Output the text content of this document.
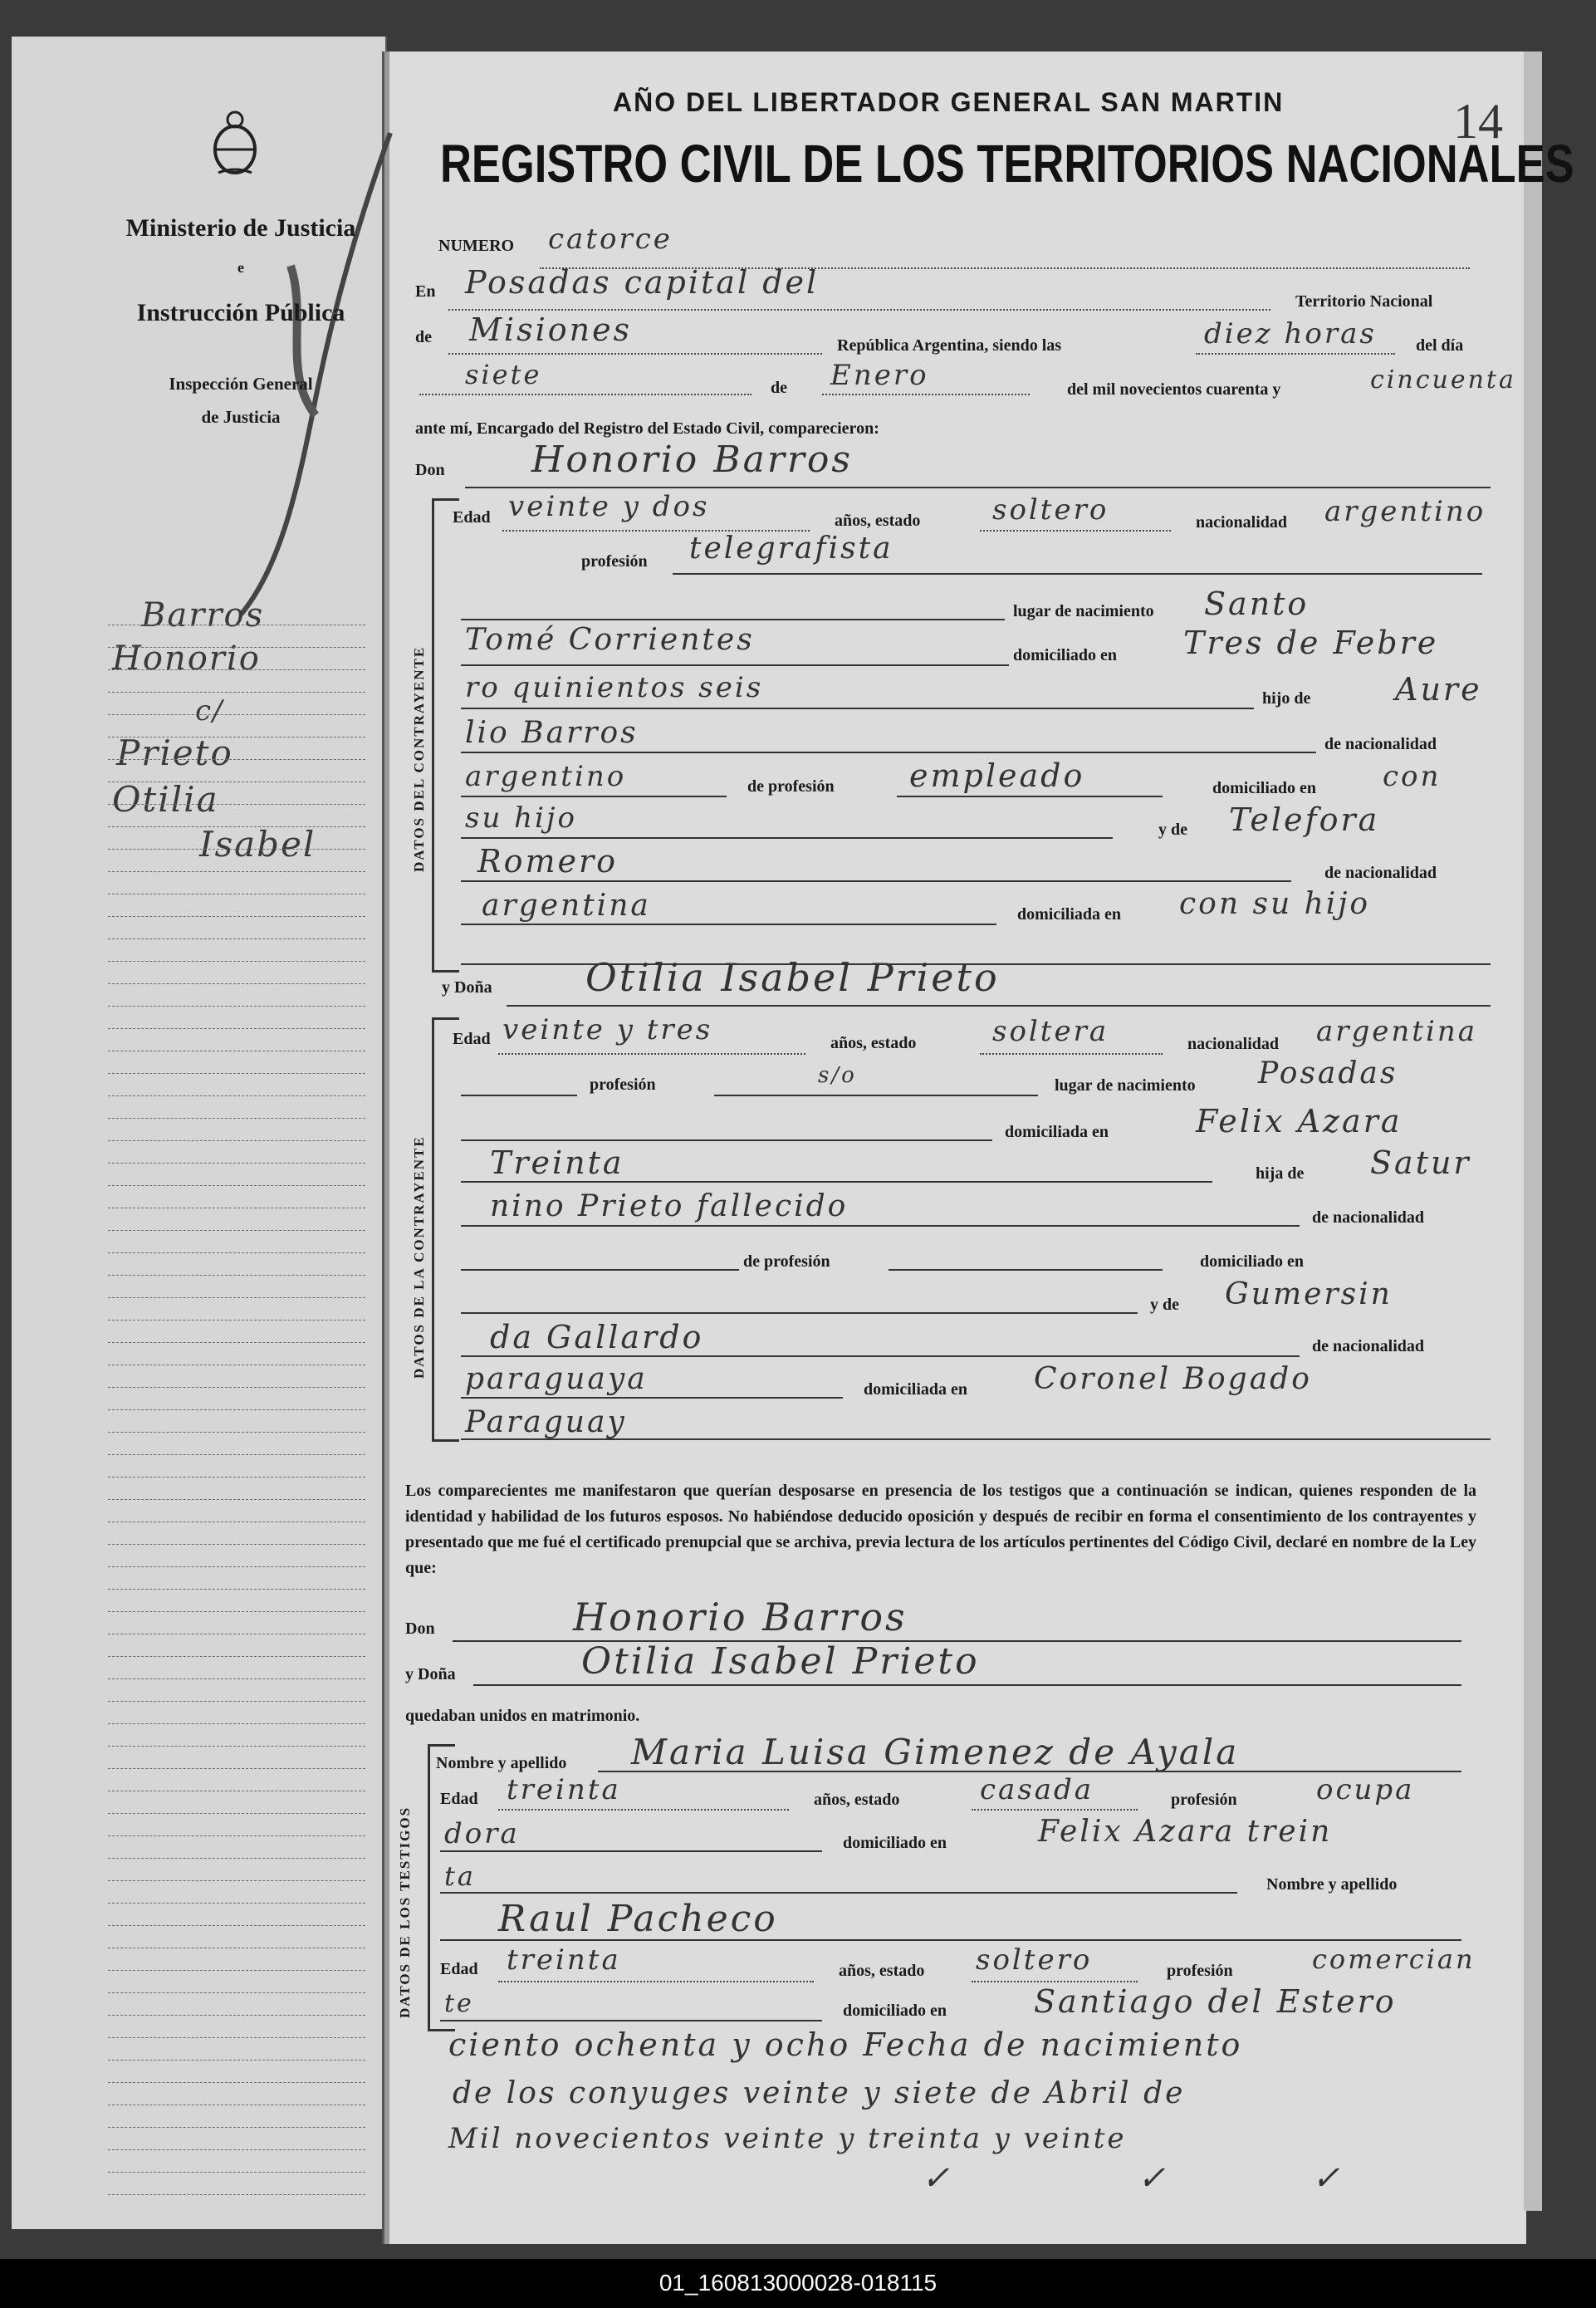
Ministerio de Justicia
e
Instrucción Pública
Inspección General
de Justicia
Barros
Honorio
c/
Prieto
Otilia
Isabel
AÑO DEL LIBERTADOR GENERAL SAN MARTIN
REGISTRO CIVIL DE LOS TERRITORIOS NACIONALES
14
NUMERO catorce
En Posadas capital del
Territorio Nacional
de Misiones	República Argentina, siendo las	diez horas del día
siete	de Enero	del mil novecientos cuarenta y	cincuenta
ante mí, Encargado del Registro del Estado Civil, comparecieron:
Don Honorio Barros
DATOS DEL CONTRAYENTE
Edad veinte y dos	años, estado	soltero	nacionalidad argentino
profesión telegrafista
lugar de nacimiento Santo
Tomé Corrientes	domiciliado en Tres de Febre
ro quinientos seis	hijo de	Aure
lio Barros	de nacionalidad
argentino	de profesión empleado	domiciliado en con
su hijo	y de Telefora
Romero	de nacionalidad
argentina	domiciliada en con su hijo
y Doña Otilia Isabel Prieto
DATOS DE LA CONTRAYENTE
Edad veinte y tres	años, estado	soltera	nacionalidad argentina
profesión	s/o	lugar de nacimiento Posadas
domiciliada en	Felix Azara
Treinta	hija de Satur
nino Prieto fallecido	de nacionalidad
de profesión	domiciliado en
y de Gumersin
da Gallardo	de nacionalidad
paraguaya	domiciliada en Coronel Bogado
Paraguay
Los comparecientes me manifestaron que querían desposarse en presencia de los testigos que a continuación se indican, quienes responden de la identidad y habilidad de los futuros esposos. No habiéndose deducido oposición y después de recibir en forma el consentimiento de los contrayentes y presentado que me fué el certificado prenupcial que se archiva, previa lectura de los artículos pertinentes del Código Civil, declaré en nombre de la Ley que:
Don	Honorio Barros
y Doña	Otilia Isabel Prieto
quedaban unidos en matrimonio.
DATOS DE LOS TESTIGOS
Nombre y apellido Maria Luisa Gimenez de Ayala
Edad treinta	años, estado	casada	profesión	ocupa
dora	domiciliado en	Felix Azara trein
ta	Nombre y apellido
Raul Pacheco
Edad treinta	años, estado soltero	profesión	comercian
te	domiciliado en	Santiago del Estero
ciento ochenta y ocho Fecha de nacimiento
de los conyuges veinte y siete de Abril de
Mil novecientos veinte y treinta y veinte
✓	✓	✓
01_160813000028-018115
